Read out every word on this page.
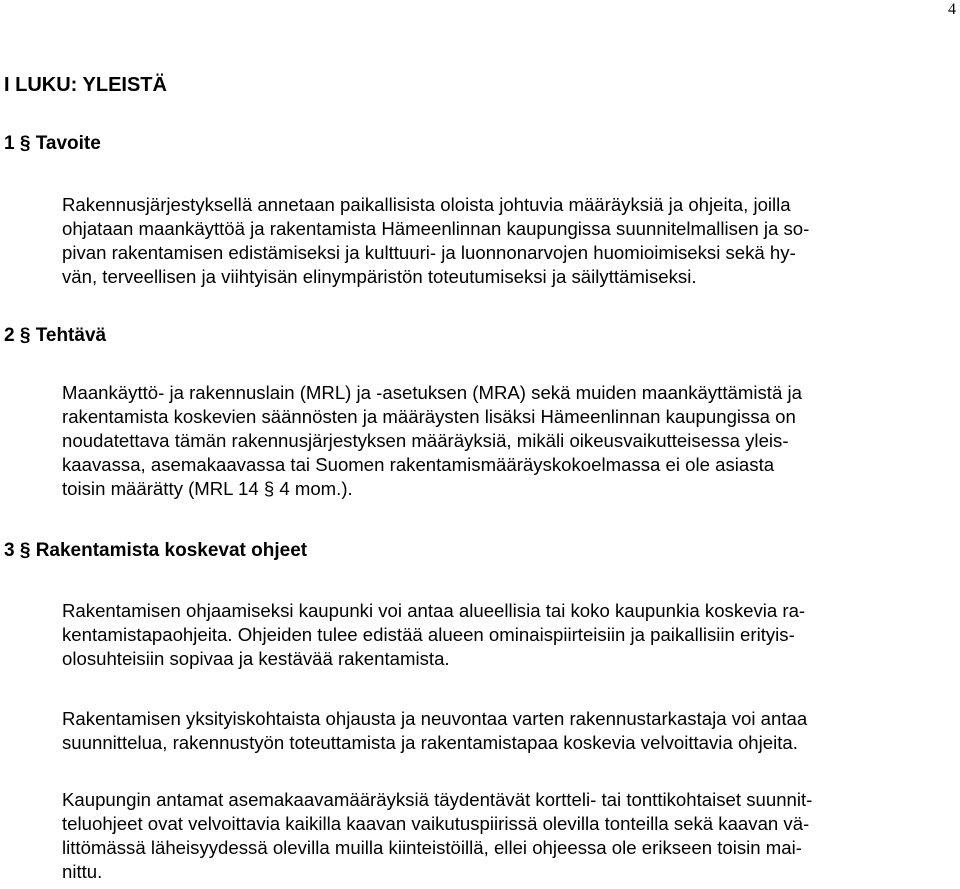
4
I LUKU: YLEISTÄ
1 § Tavoite

Rakennusjärjestyksellä annetaan paikallisista oloista johtuvia määräyksiä ja ohjeita, joilla
ohjataan maankäyttöä ja rakentamista Hämeenlinnan kaupungissa suunnitelmallisen ja so-
pivan rakentamisen edistämiseksi ja kulttuuri- ja luonnonarvojen huomioimiseksi sekä hy-
vän, terveellisen ja viihtyisän elinympäristön toteutumiseksi ja säilyttämiseksi.

2 § Tehtävä

Maankäyttö- ja rakennuslain (MRL) ja -asetuksen (MRA) sekä muiden maankäyttämistä ja
rakentamista koskevien säännösten ja määräysten lisäksi Hämeenlinnan kaupungissa on
noudatettava tämän rakennusjärjestyksen määräyksiä, mikäli oikeusvaikutteisessa yleis-
kaavassa, asemakaavassa tai Suomen rakentamismääräyskokoelmassa ei ole asiasta
toisin määrätty (MRL 14 § 4 mom.).

3 § Rakentamista koskevat ohjeet

Rakentamisen ohjaamiseksi kaupunki voi antaa alueellisia tai koko kaupunkia koskevia ra-
kentamistapaohjeita. Ohjeiden tulee edistää alueen ominaispiirteisiin ja paikallisiin erityis-
olosuhteisiin sopivaa ja kestävää rakentamista.

Rakentamisen yksityiskohtaista ohjausta ja neuvontaa varten rakennustarkastaja voi antaa
suunnittelua, rakennustyön toteuttamista ja rakentamistapaa koskevia velvoittavia ohjeita.

Kaupungin antamat asemakaavamääräyksiä täydentävät kortteli- tai tonttikohtaiset suunnit-
teluohjeet ovat velvoittavia kaikilla kaavan vaikutuspiirissä olevilla tonteilla sekä kaavan vä-
littömässä läheisyydessä olevilla muilla kiinteistöillä, ellei ohjeessa ole erikseen toisin mai-
nittu.
